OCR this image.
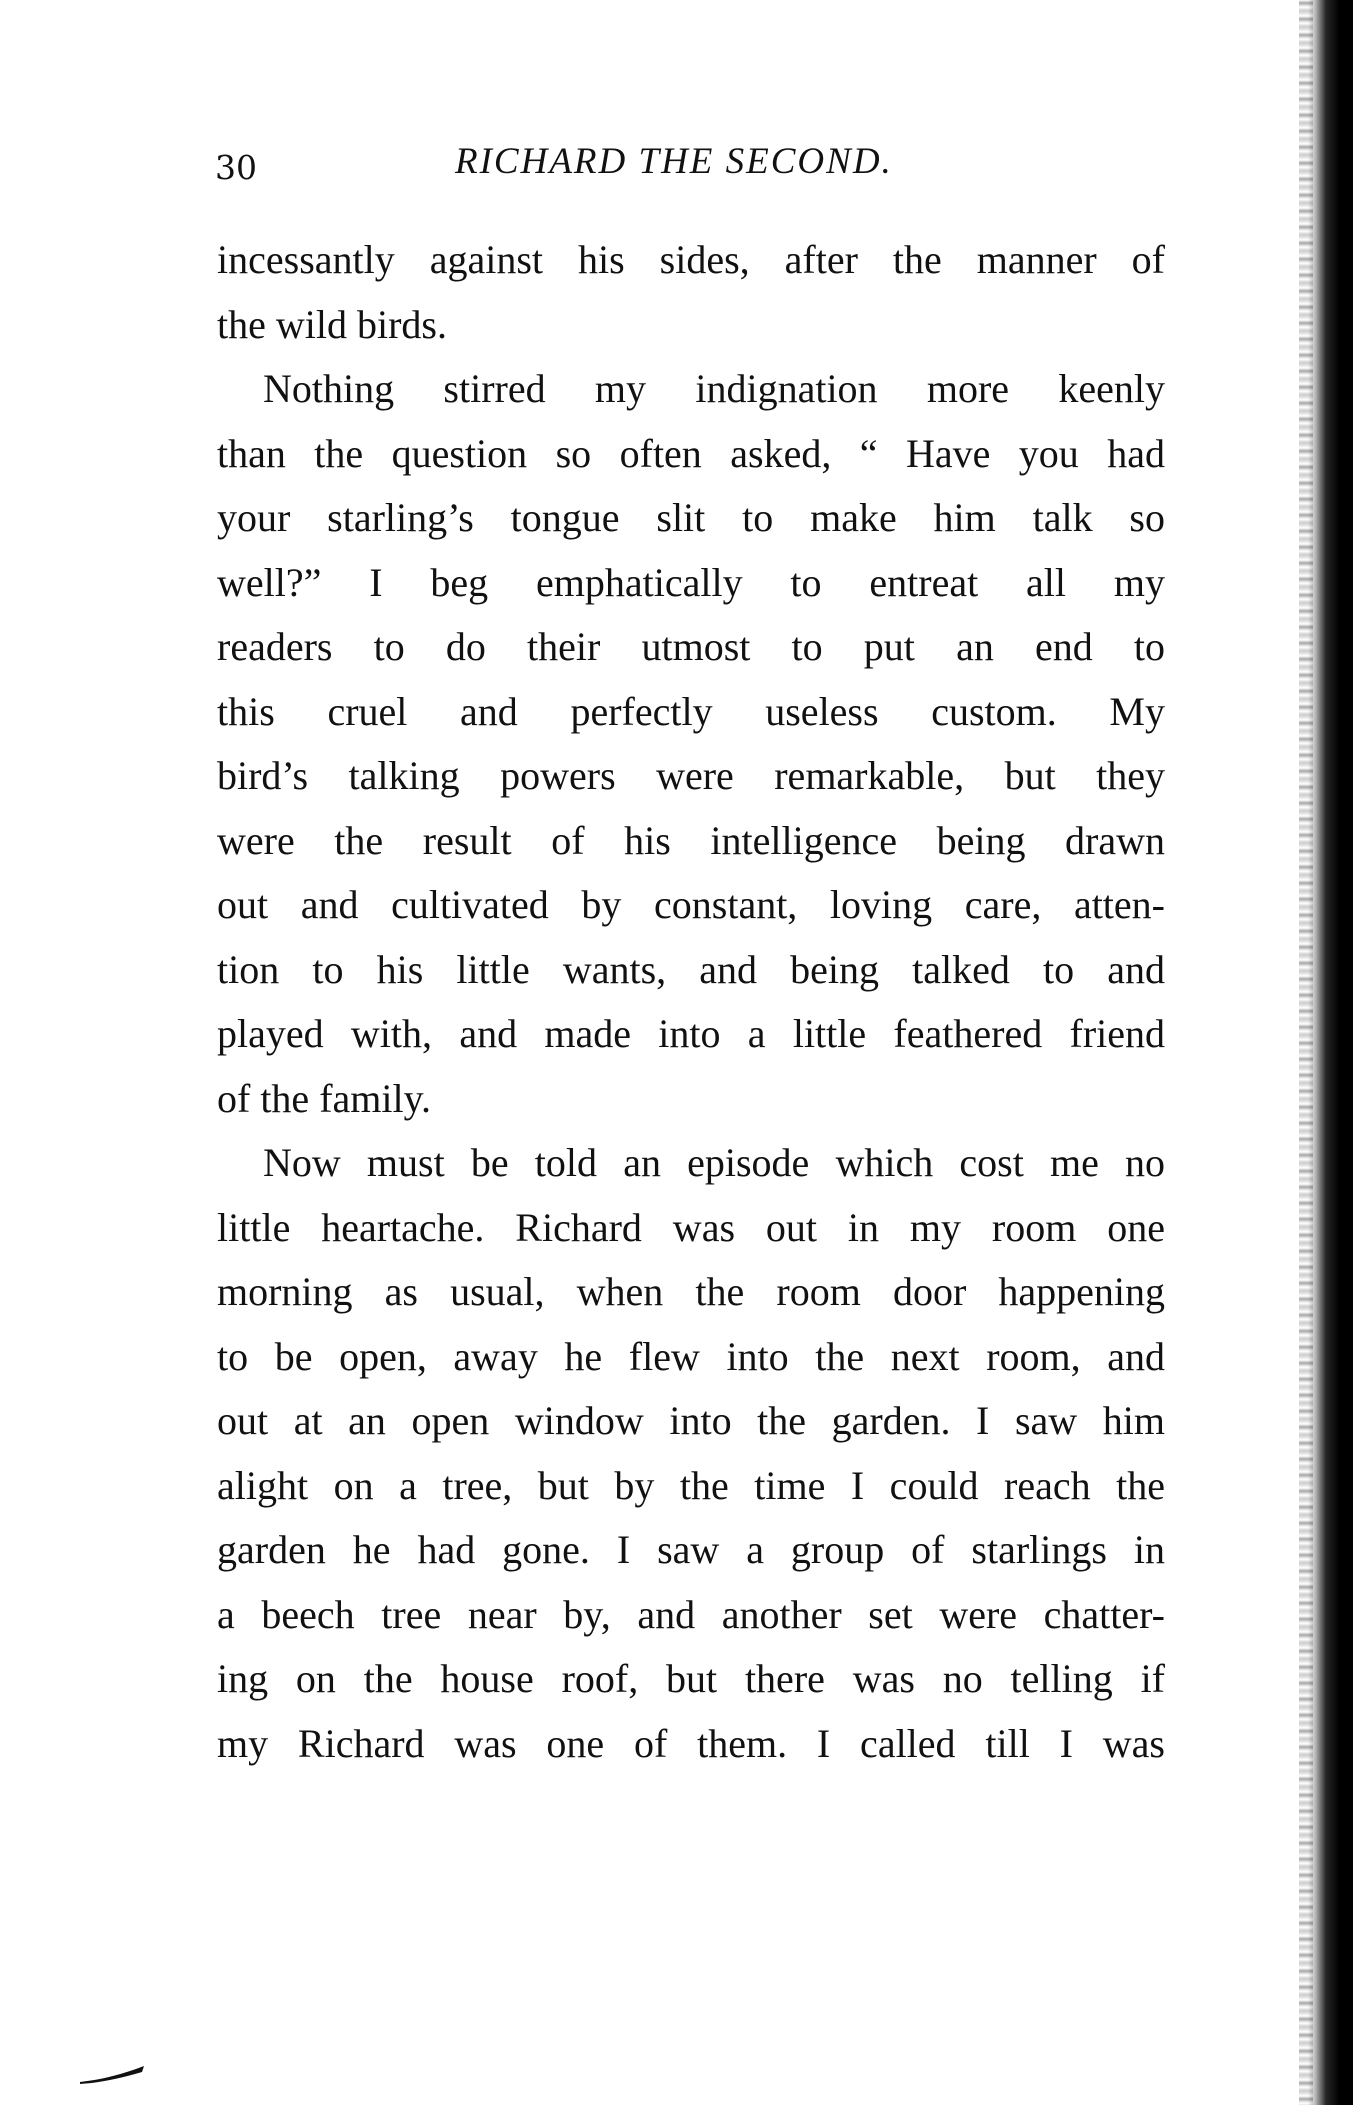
30	RICHARD THE SECOND.
incessantly against his sides, after the manner of
the wild birds.
Nothing stirred my indignation more keenly
than the question so often asked, “ Have you had
your starling’s tongue slit to make him talk so
well?” I beg emphatically to entreat all my
readers to do their utmost to put an end to
this cruel and perfectly useless custom. My
bird’s talking powers were remarkable, but they
were the result of his intelligence being drawn
out and cultivated by constant, loving care, atten-
tion to his little wants, and being talked to and
played with, and made into a little feathered friend
of the family.
Now must be told an episode which cost me no
little heartache. Richard was out in my room one
morning as usual, when the room door happening
to be open, away he flew into the next room, and
out at an open window into the garden. I saw him
alight on a tree, but by the time I could reach the
garden he had gone. I saw a group of starlings in
a beech tree near by, and another set were chatter-
ing on the house roof, but there was no telling if
my Richard was one of them. I called till I was
